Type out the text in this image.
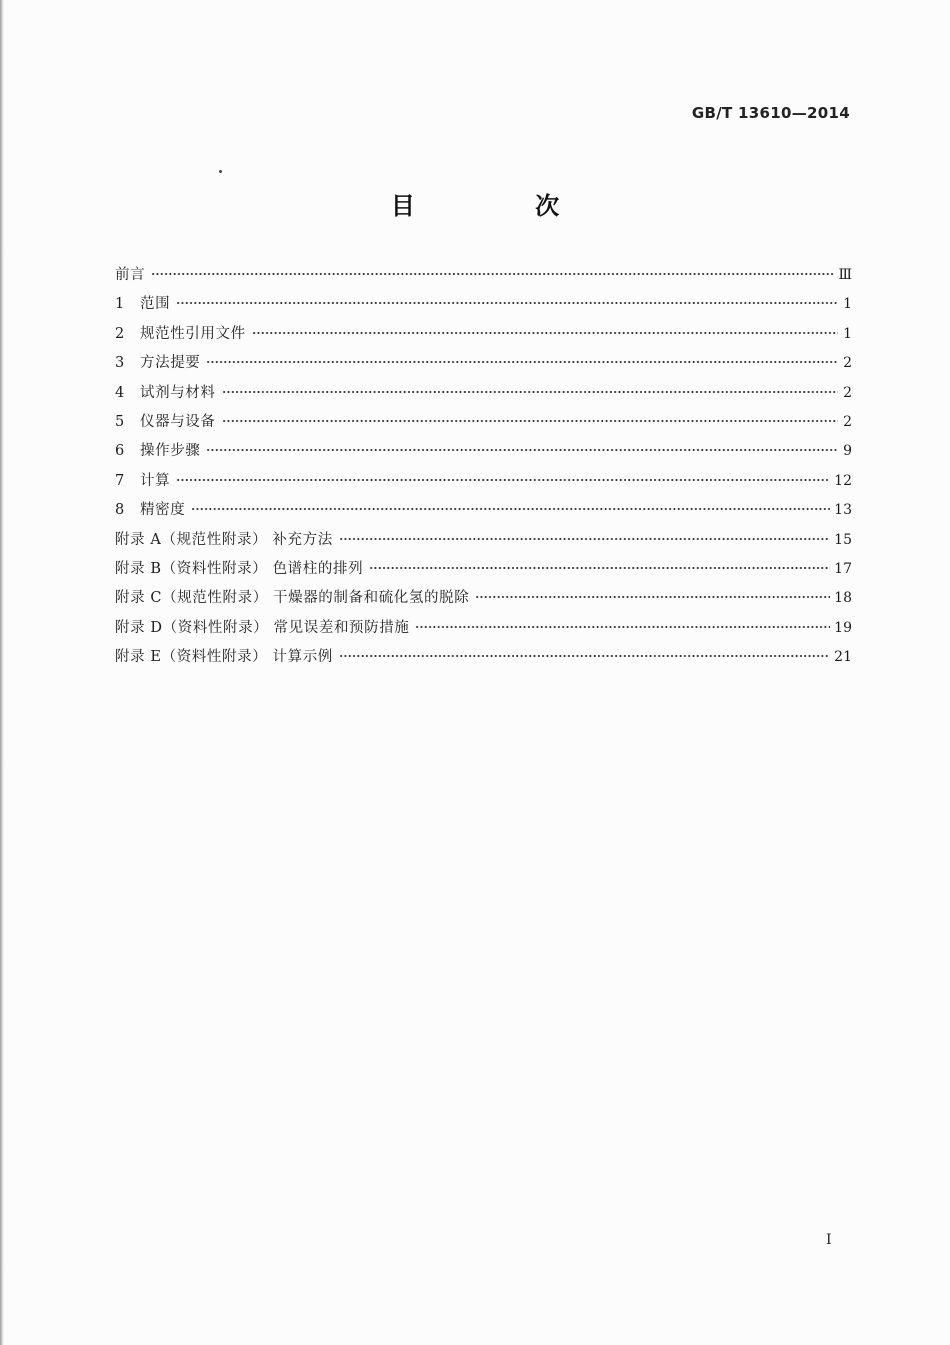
GB/T 13610—2014
目 次
前言	Ⅲ
1 范围	1
2 规范性引用文件	1
3 方法提要	2
4 试剂与材料	2
5 仪器与设备	2
6 操作步骤	9
7 计算	12
8 精密度	13
附录 A（规范性附录） 补充方法	15
附录 B（资料性附录） 色谱柱的排列	17
附录 C（规范性附录） 干燥器的制备和硫化氢的脱除	18
附录 D（资料性附录） 常见误差和预防措施	19
附录 E（资料性附录） 计算示例	21
I
